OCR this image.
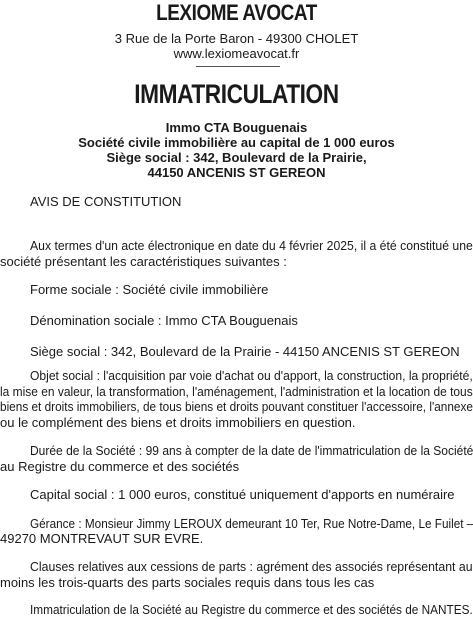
LEXIOME AVOCAT
3 Rue de la Porte Baron - 49300 CHOLET
www.lexiomeavocat.fr
IMMATRICULATION
Immo CTA Bouguenais
Société civile immobilière au capital de 1 000 euros
Siège social : 342, Boulevard de la Prairie,
44150 ANCENIS ST GEREON
AVIS DE CONSTITUTION
Aux termes d'un acte électronique en date du 4 février 2025, il a été constitué une
société présentant les caractéristiques suivantes :
Forme sociale : Société civile immobilière
Dénomination sociale : Immo CTA Bouguenais
Siège social : 342, Boulevard de la Prairie - 44150 ANCENIS ST GEREON
Objet social : l'acquisition par voie d'achat ou d'apport, la construction, la propriété,
la mise en valeur, la transformation, l'aménagement, l'administration et la location de tous
biens et droits immobiliers, de tous biens et droits pouvant constituer l'accessoire, l'annexe
ou le complément des biens et droits immobiliers en question.
Durée de la Société : 99 ans à compter de la date de l'immatriculation de la Société
au Registre du commerce et des sociétés
Capital social : 1 000 euros, constitué uniquement d'apports en numéraire
Gérance : Monsieur Jimmy LEROUX demeurant 10 Ter, Rue Notre-Dame, Le Fuilet –
49270 MONTREVAUT SUR EVRE.
Clauses relatives aux cessions de parts : agrément des associés représentant au
moins les trois-quarts des parts sociales requis dans tous les cas
Immatriculation de la Société au Registre du commerce et des sociétés de NANTES.
